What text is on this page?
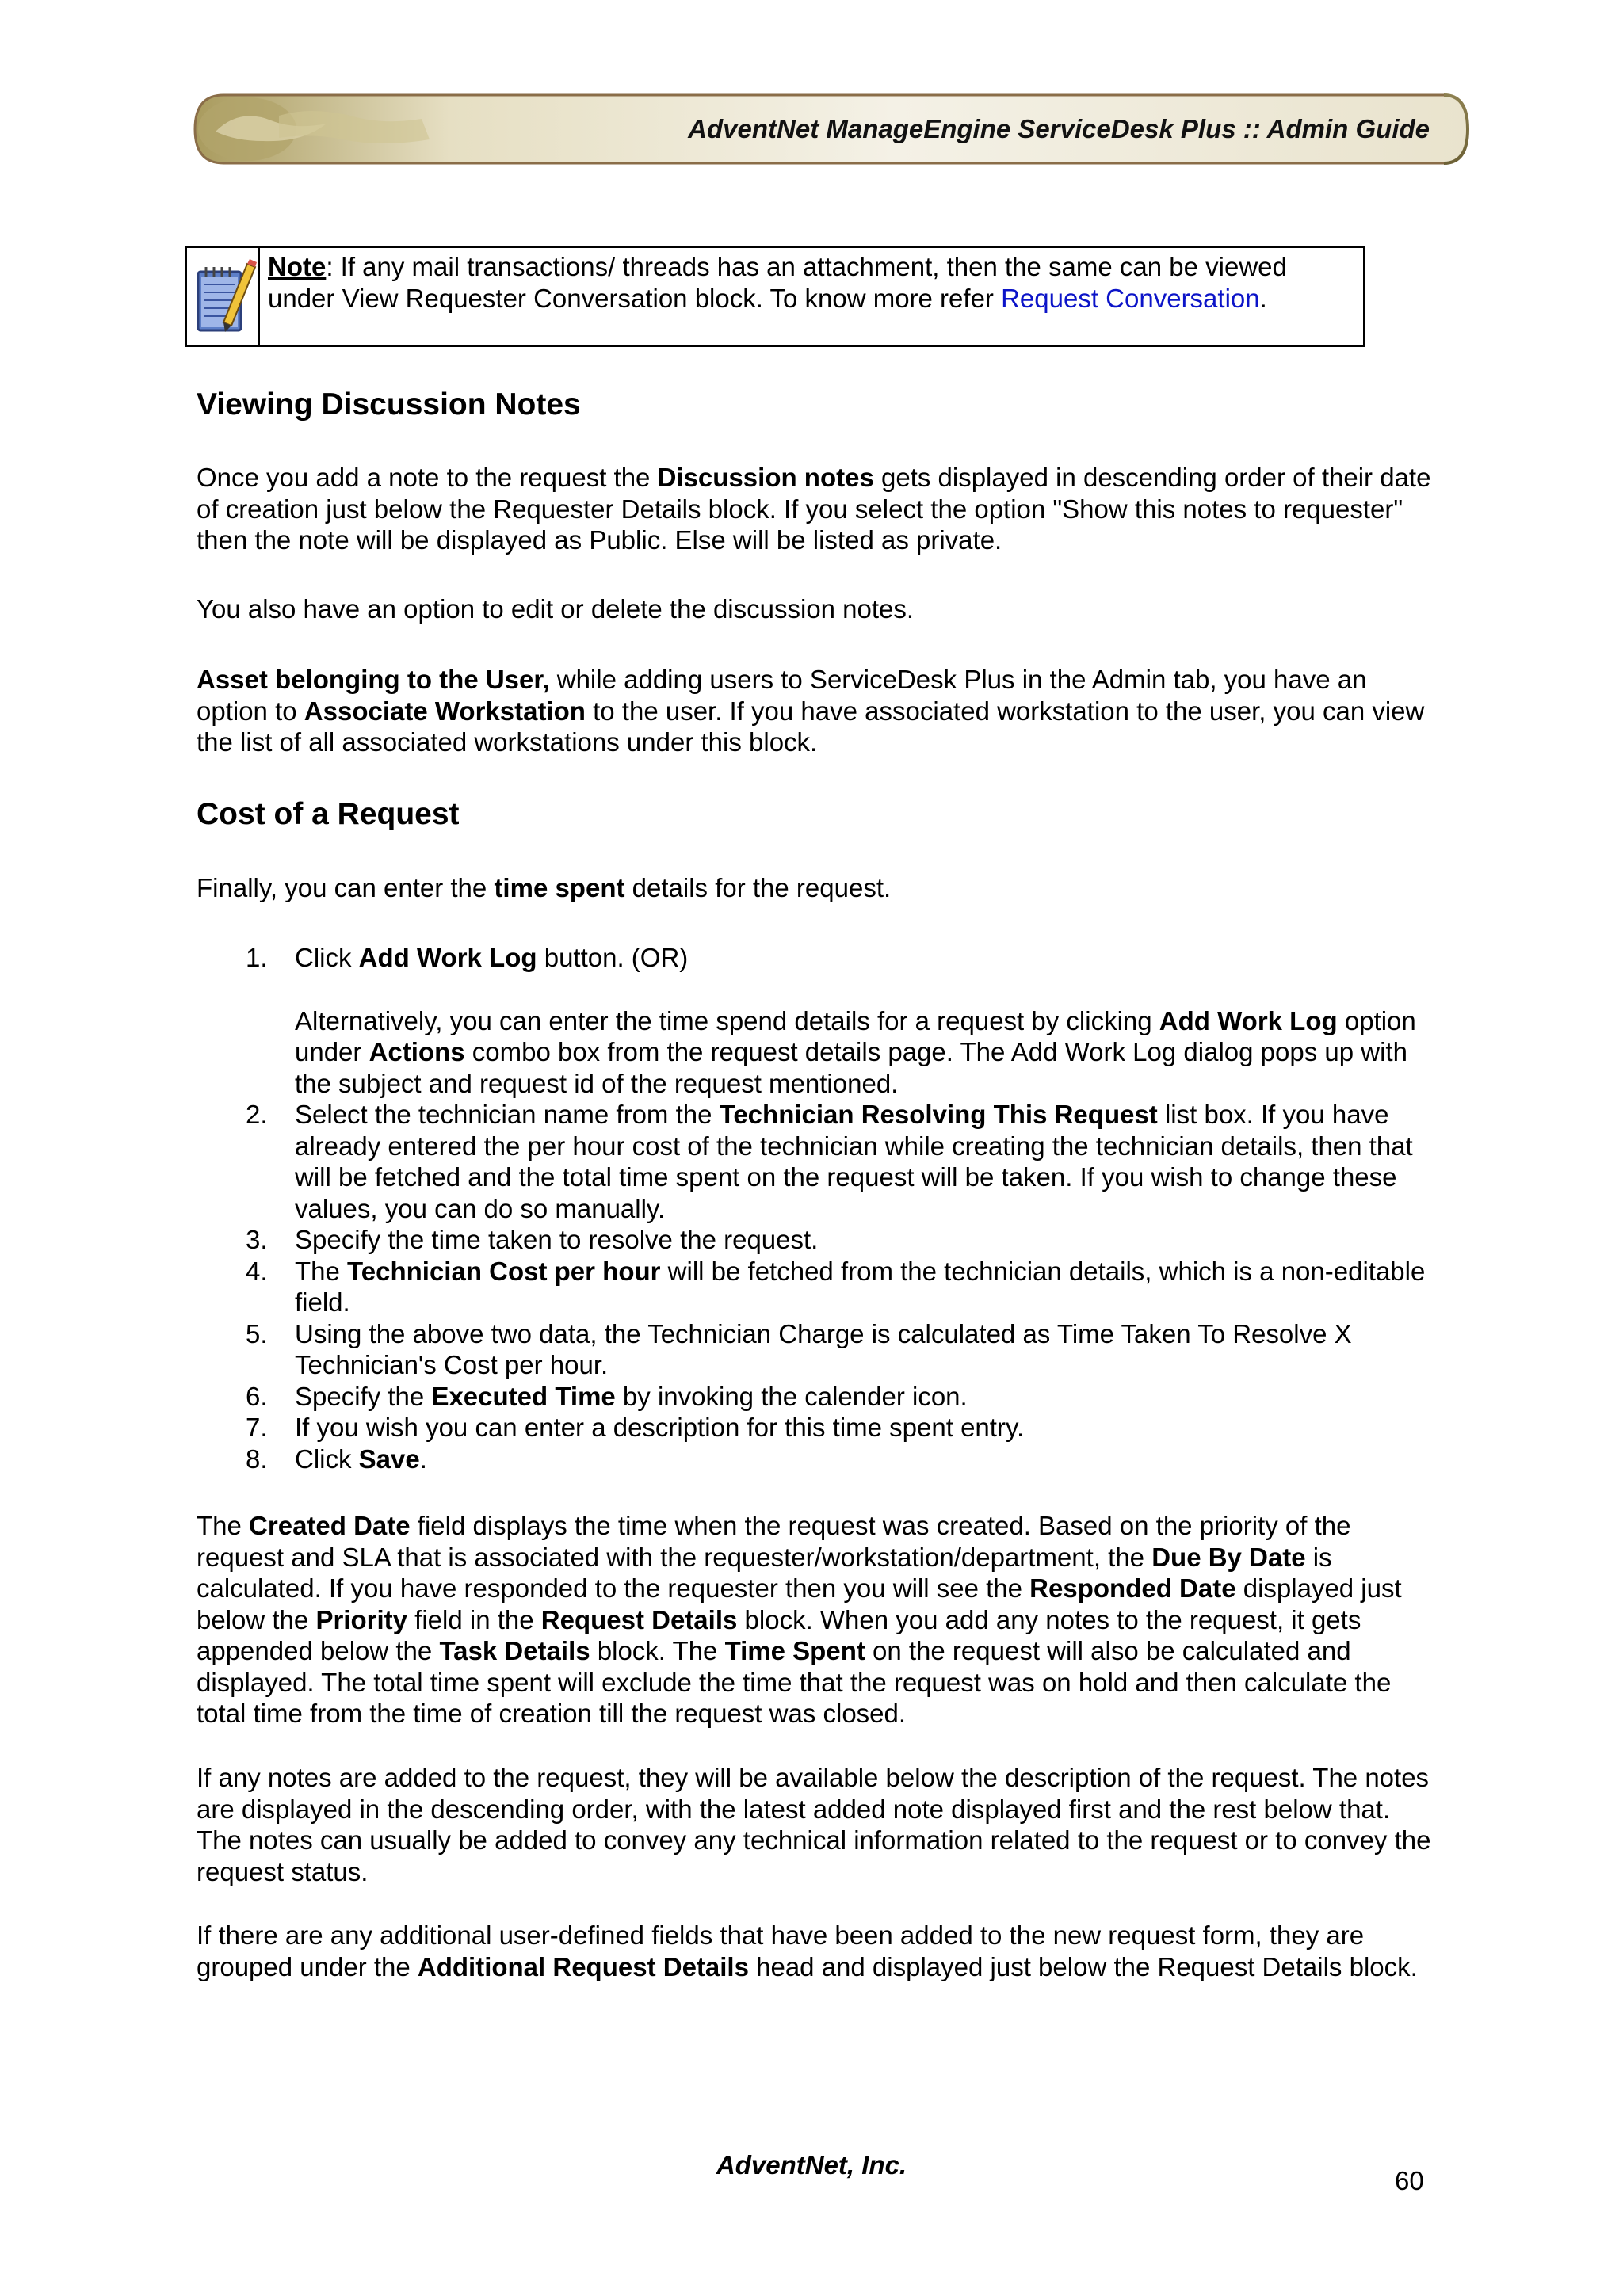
AdventNet ManageEngine ServiceDesk Plus :: Admin Guide
Note: If any mail transactions/ threads has an attachment, then the same can be viewed under View Requester Conversation block. To know more refer Request Conversation.
Viewing Discussion Notes

Once you add a note to the request the Discussion notes gets displayed in descending order of their date of creation just below the Requester Details block. If you select the option "Show this notes to requester" then the note will be displayed as Public. Else will be listed as private.

You also have an option to edit or delete the discussion notes.

Asset belonging to the User, while adding users to ServiceDesk Plus in the Admin tab, you have an option to Associate Workstation to the user. If you have associated workstation to the user, you can view the list of all associated workstations under this block.

Cost of a Request

Finally, you can enter the time spent details for the request.

1. Click Add Work Log button. (OR)
Alternatively, you can enter the time spend details for a request by clicking Add Work Log option under Actions combo box from the request details page. The Add Work Log dialog pops up with the subject and request id of the request mentioned.
2. Select the technician name from the Technician Resolving This Request list box. If you have already entered the per hour cost of the technician while creating the technician details, then that will be fetched and the total time spent on the request will be taken. If you wish to change these values, you can do so manually.
3. Specify the time taken to resolve the request.
4. The Technician Cost per hour will be fetched from the technician details, which is a non-editable field.
5. Using the above two data, the Technician Charge is calculated as Time Taken To Resolve X Technician's Cost per hour.
6. Specify the Executed Time by invoking the calender icon.
7. If you wish you can enter a description for this time spent entry.
8. Click Save.

The Created Date field displays the time when the request was created. Based on the priority of the request and SLA that is associated with the requester/workstation/department, the Due By Date is calculated. If you have responded to the requester then you will see the Responded Date displayed just below the Priority field in the Request Details block. When you add any notes to the request, it gets appended below the Task Details block. The Time Spent on the request will also be calculated and displayed. The total time spent will exclude the time that the request was on hold and then calculate the total time from the time of creation till the request was closed.

If any notes are added to the request, they will be available below the description of the request. The notes are displayed in the descending order, with the latest added note displayed first and the rest below that. The notes can usually be added to convey any technical information related to the request or to convey the request status.

If there are any additional user-defined fields that have been added to the new request form, they are grouped under the Additional Request Details head and displayed just below the Request Details block.

AdventNet, Inc.
60
